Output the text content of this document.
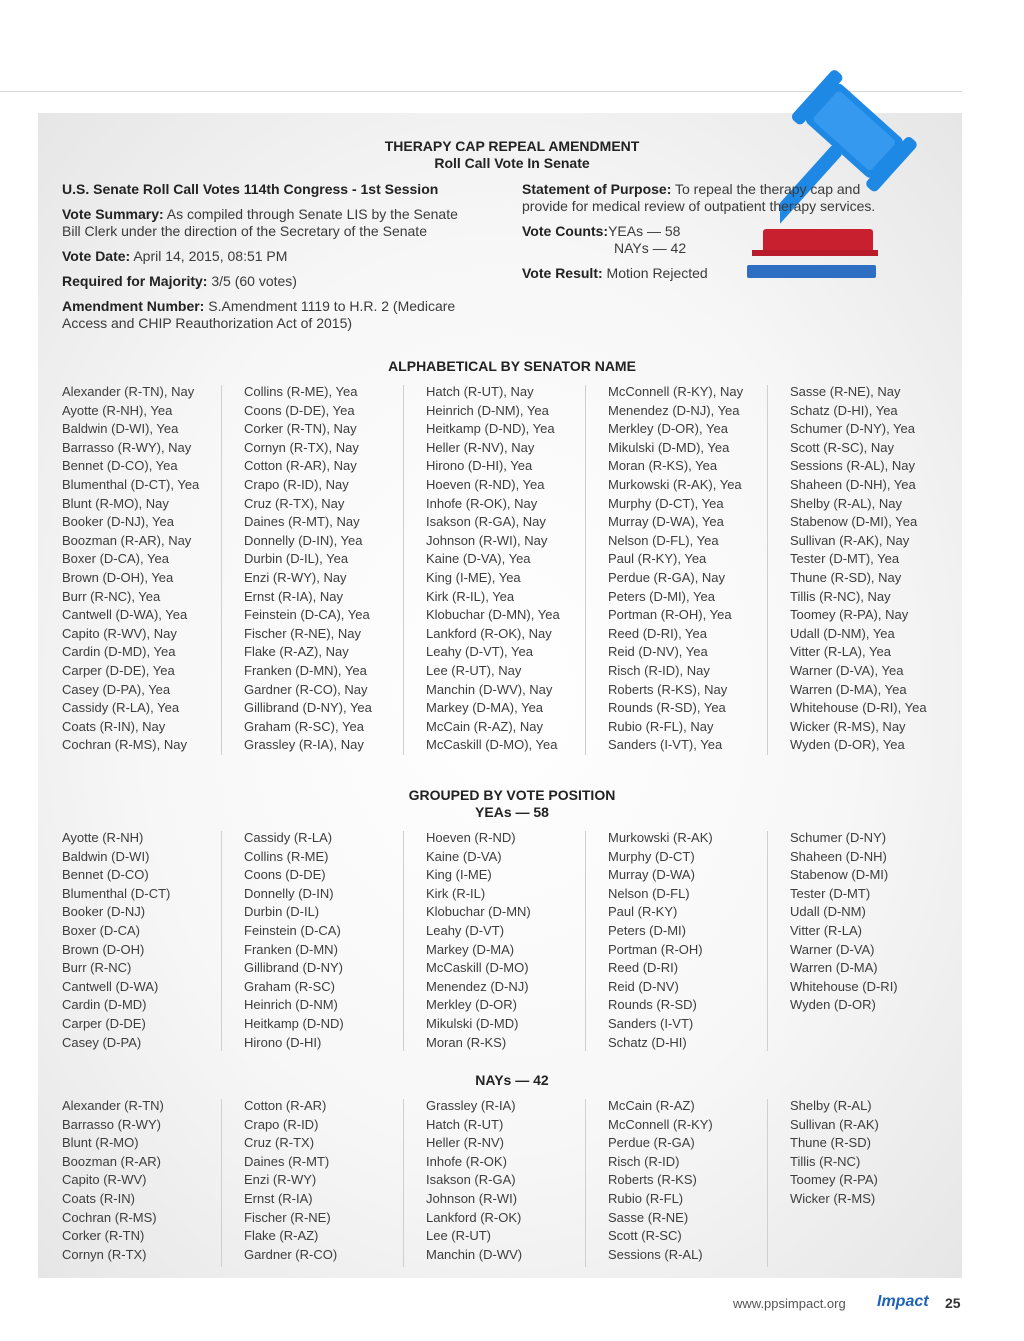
THERAPY CAP REPEAL AMENDMENT
Roll Call Vote In Senate
U.S. Senate Roll Call Votes 114th Congress - 1st Session
Vote Summary: As compiled through Senate LIS by the Senate
Bill Clerk under the direction of the Secretary of the Senate
Vote Date: April 14, 2015, 08:51 PM
Required for Majority: 3/5 (60 votes)
Amendment Number: S.Amendment 1119 to H.R. 2 (Medicare
Access and CHIP Reauthorization Act of 2015)
Statement of Purpose: To repeal the therapy cap and
provide for medical review of outpatient therapy services.
Vote Counts:YEAs — 58
NAYs — 42
Vote Result: Motion Rejected
ALPHABETICAL BY SENATOR NAME
Alexander (R-TN), Nay
Ayotte (R-NH), Yea
Baldwin (D-WI), Yea
Barrasso (R-WY), Nay
Bennet (D-CO), Yea
Blumenthal (D-CT), Yea
Blunt (R-MO), Nay
Booker (D-NJ), Yea
Boozman (R-AR), Nay
Boxer (D-CA), Yea
Brown (D-OH), Yea
Burr (R-NC), Yea
Cantwell (D-WA), Yea
Capito (R-WV), Nay
Cardin (D-MD), Yea
Carper (D-DE), Yea
Casey (D-PA), Yea
Cassidy (R-LA), Yea
Coats (R-IN), Nay
Cochran (R-MS), Nay
Collins (R-ME), Yea
Coons (D-DE), Yea
Corker (R-TN), Nay
Cornyn (R-TX), Nay
Cotton (R-AR), Nay
Crapo (R-ID), Nay
Cruz (R-TX), Nay
Daines (R-MT), Nay
Donnelly (D-IN), Yea
Durbin (D-IL), Yea
Enzi (R-WY), Nay
Ernst (R-IA), Nay
Feinstein (D-CA), Yea
Fischer (R-NE), Nay
Flake (R-AZ), Nay
Franken (D-MN), Yea
Gardner (R-CO), Nay
Gillibrand (D-NY), Yea
Graham (R-SC), Yea
Grassley (R-IA), Nay
Hatch (R-UT), Nay
Heinrich (D-NM), Yea
Heitkamp (D-ND), Yea
Heller (R-NV), Nay
Hirono (D-HI), Yea
Hoeven (R-ND), Yea
Inhofe (R-OK), Nay
Isakson (R-GA), Nay
Johnson (R-WI), Nay
Kaine (D-VA), Yea
King (I-ME), Yea
Kirk (R-IL), Yea
Klobuchar (D-MN), Yea
Lankford (R-OK), Nay
Leahy (D-VT), Yea
Lee (R-UT), Nay
Manchin (D-WV), Nay
Markey (D-MA), Yea
McCain (R-AZ), Nay
McCaskill (D-MO), Yea
McConnell (R-KY), Nay
Menendez (D-NJ), Yea
Merkley (D-OR), Yea
Mikulski (D-MD), Yea
Moran (R-KS), Yea
Murkowski (R-AK), Yea
Murphy (D-CT), Yea
Murray (D-WA), Yea
Nelson (D-FL), Yea
Paul (R-KY), Yea
Perdue (R-GA), Nay
Peters (D-MI), Yea
Portman (R-OH), Yea
Reed (D-RI), Yea
Reid (D-NV), Yea
Risch (R-ID), Nay
Roberts (R-KS), Nay
Rounds (R-SD), Yea
Rubio (R-FL), Nay
Sanders (I-VT), Yea
Sasse (R-NE), Nay
Schatz (D-HI), Yea
Schumer (D-NY), Yea
Scott (R-SC), Nay
Sessions (R-AL), Nay
Shaheen (D-NH), Yea
Shelby (R-AL), Nay
Stabenow (D-MI), Yea
Sullivan (R-AK), Nay
Tester (D-MT), Yea
Thune (R-SD), Nay
Tillis (R-NC), Nay
Toomey (R-PA), Nay
Udall (D-NM), Yea
Vitter (R-LA), Yea
Warner (D-VA), Yea
Warren (D-MA), Yea
Whitehouse (D-RI), Yea
Wicker (R-MS), Nay
Wyden (D-OR), Yea
GROUPED BY VOTE POSITION
YEAs — 58
Ayotte (R-NH)
Baldwin (D-WI)
Bennet (D-CO)
Blumenthal (D-CT)
Booker (D-NJ)
Boxer (D-CA)
Brown (D-OH)
Burr (R-NC)
Cantwell (D-WA)
Cardin (D-MD)
Carper (D-DE)
Casey (D-PA)
Cassidy (R-LA)
Collins (R-ME)
Coons (D-DE)
Donnelly (D-IN)
Durbin (D-IL)
Feinstein (D-CA)
Franken (D-MN)
Gillibrand (D-NY)
Graham (R-SC)
Heinrich (D-NM)
Heitkamp (D-ND)
Hirono (D-HI)
Hoeven (R-ND)
Kaine (D-VA)
King (I-ME)
Kirk (R-IL)
Klobuchar (D-MN)
Leahy (D-VT)
Markey (D-MA)
McCaskill (D-MO)
Menendez (D-NJ)
Merkley (D-OR)
Mikulski (D-MD)
Moran (R-KS)
Murkowski (R-AK)
Murphy (D-CT)
Murray (D-WA)
Nelson (D-FL)
Paul (R-KY)
Peters (D-MI)
Portman (R-OH)
Reed (D-RI)
Reid (D-NV)
Rounds (R-SD)
Sanders (I-VT)
Schatz (D-HI)
Schumer (D-NY)
Shaheen (D-NH)
Stabenow (D-MI)
Tester (D-MT)
Udall (D-NM)
Vitter (R-LA)
Warner (D-VA)
Warren (D-MA)
Whitehouse (D-RI)
Wyden (D-OR)
NAYs — 42
Alexander (R-TN)
Barrasso (R-WY)
Blunt (R-MO)
Boozman (R-AR)
Capito (R-WV)
Coats (R-IN)
Cochran (R-MS)
Corker (R-TN)
Cornyn (R-TX)
Cotton (R-AR)
Crapo (R-ID)
Cruz (R-TX)
Daines (R-MT)
Enzi (R-WY)
Ernst (R-IA)
Fischer (R-NE)
Flake (R-AZ)
Gardner (R-CO)
Grassley (R-IA)
Hatch (R-UT)
Heller (R-NV)
Inhofe (R-OK)
Isakson (R-GA)
Johnson (R-WI)
Lankford (R-OK)
Lee (R-UT)
Manchin (D-WV)
McCain (R-AZ)
McConnell (R-KY)
Perdue (R-GA)
Risch (R-ID)
Roberts (R-KS)
Rubio (R-FL)
Sasse (R-NE)
Scott (R-SC)
Sessions (R-AL)
Shelby (R-AL)
Sullivan (R-AK)
Thune (R-SD)
Tillis (R-NC)
Toomey (R-PA)
Wicker (R-MS)
www.ppsimpact.org Impact 25
